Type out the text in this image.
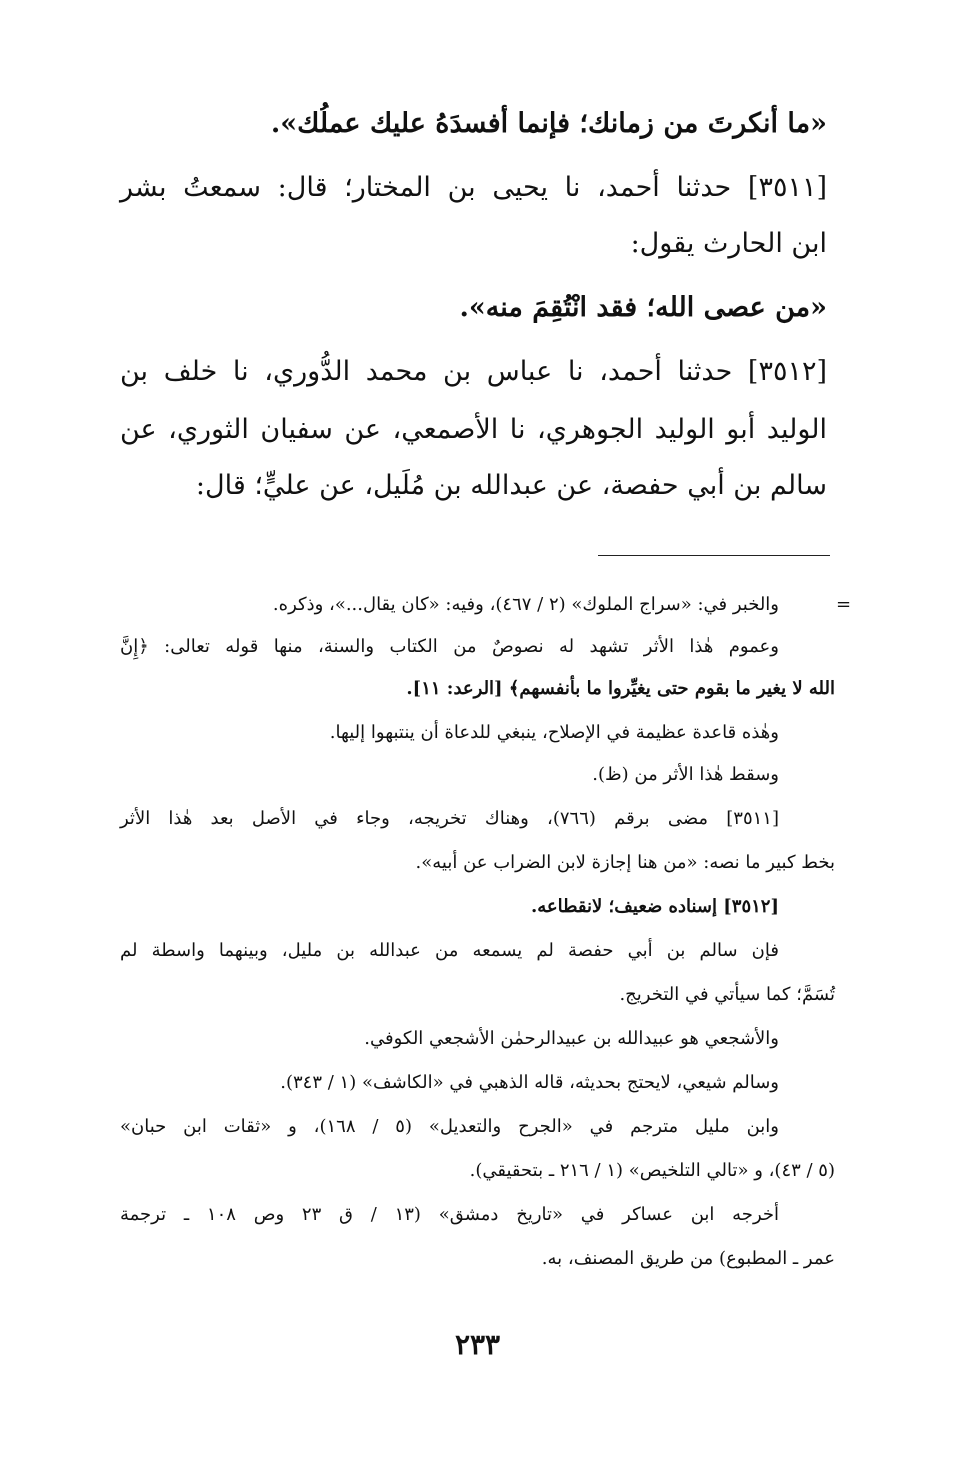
«ما أنكرتَ من زمانك؛ فإنما أفسدَهُ عليك عملُك».
[٣٥١١] حدثنا أحمد، نا يحيى بن المختار؛ قال: سمعتُ بشر
ابن الحارث يقول:
«من عصى الله؛ فقد انْتُقِمَ منه».
[٣٥١٢] حدثنا أحمد، نا عباس بن محمد الدُّوري، نا خلف بن
الوليد أبو الوليد الجوهري، نا الأصمعي، عن سفيان الثوري، عن
سالم بن أبي حفصة، عن عبدالله بن مُلَيل، عن عليٍّ؛ قال:
=
والخبر في: «سراج الملوك» (٢ / ٤٦٧)، وفيه: «كان يقال...»، وذكره.
وعموم هٰذا الأثر تشهد له نصوصٌ من الكتاب والسنة، منها قوله تعالى: ﴿إِنَّ
الله لا يغير ما بقوم حتى يغيِّروا ما بأنفسهم﴾ [الرعد: ١١].
وهٰذه قاعدة عظيمة في الإصلاح، ينبغي للدعاة أن ينتبهوا إليها.
وسقط هٰذا الأثر من (ظ).
[٣٥١١] مضى برقم (٧٦٦)، وهناك تخريجه، وجاء في الأصل بعد هٰذا الأثر
بخط كبير ما نصه: «من هنا إجازة لابن الضراب عن أبيه».
[٣٥١٢] إسناده ضعيف؛ لانقطاعه.
فإن سالم بن أبي حفصة لم يسمعه من عبدالله بن مليل، وبينهما واسطة لم
تُسَمَّ؛ كما سيأتي في التخريج.
والأشجعي هو عبيدالله بن عبيدالرحمٰن الأشجعي الكوفي.
وسالم شيعي، لايحتج بحديثه، قاله الذهبي في «الكاشف» (١ / ٣٤٣).
وابن مليل مترجم في «الجرح والتعديل» (٥ / ١٦٨)، و «ثقات ابن حبان»
(٥ / ٤٣)، و «تالي التلخيص» (١ / ٢١٦ ـ بتحقيقي).
أخرجه ابن عساكر في «تاريخ دمشق» (١٣ / ق ٢٣ وص ١٠٨ ـ ترجمة
عمر ـ المطبوع) من طريق المصنف، به.
٢٣٣
